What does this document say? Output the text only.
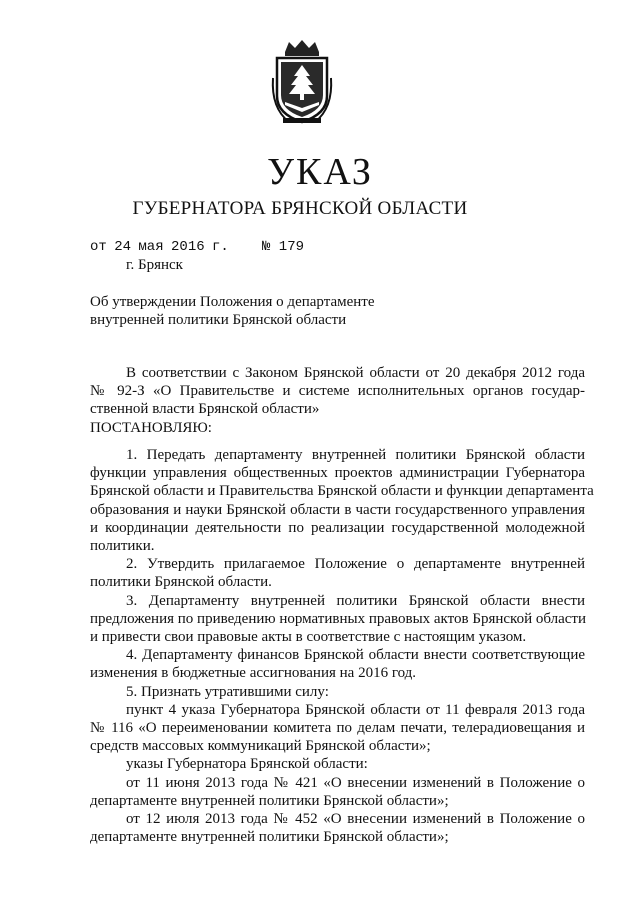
УКАЗ
ГУБЕРНАТОРА БРЯНСКОЙ ОБЛАСТИ
от 24 мая 2016 г. № 179
г. Брянск
Об утверждении Положения о департаменте
внутренней политики Брянской области
В соответствии с Законом Брянской области от 20 декабря 2012 года
№ 92-З «О Правительстве и системе исполнительных органов государ-
ственной власти Брянской области»
ПОСТАНОВЛЯЮ:
1. Передать департаменту внутренней политики Брянской области
функции управления общественных проектов администрации Губернатора
Брянской области и Правительства Брянской области и функции департамента
образования и науки Брянской области в части государственного управления
и координации деятельности по реализации государственной молодежной
политики.
2. Утвердить прилагаемое Положение о департаменте внутренней
политики Брянской области.
3. Департаменту внутренней политики Брянской области внести
предложения по приведению нормативных правовых актов Брянской области
и привести свои правовые акты в соответствие с настоящим указом.
4. Департаменту финансов Брянской области внести соответствующие
изменения в бюджетные ассигнования на 2016 год.
5. Признать утратившими силу:
пункт 4 указа Губернатора Брянской области от 11 февраля 2013 года
№ 116 «О переименовании комитета по делам печати, телерадиовещания и
средств массовых коммуникаций Брянской области»;
указы Губернатора Брянской области:
от 11 июня 2013 года № 421 «О внесении изменений в Положение о
департаменте внутренней политики Брянской области»;
от 12 июля 2013 года № 452 «О внесении изменений в Положение о
департаменте внутренней политики Брянской области»;
